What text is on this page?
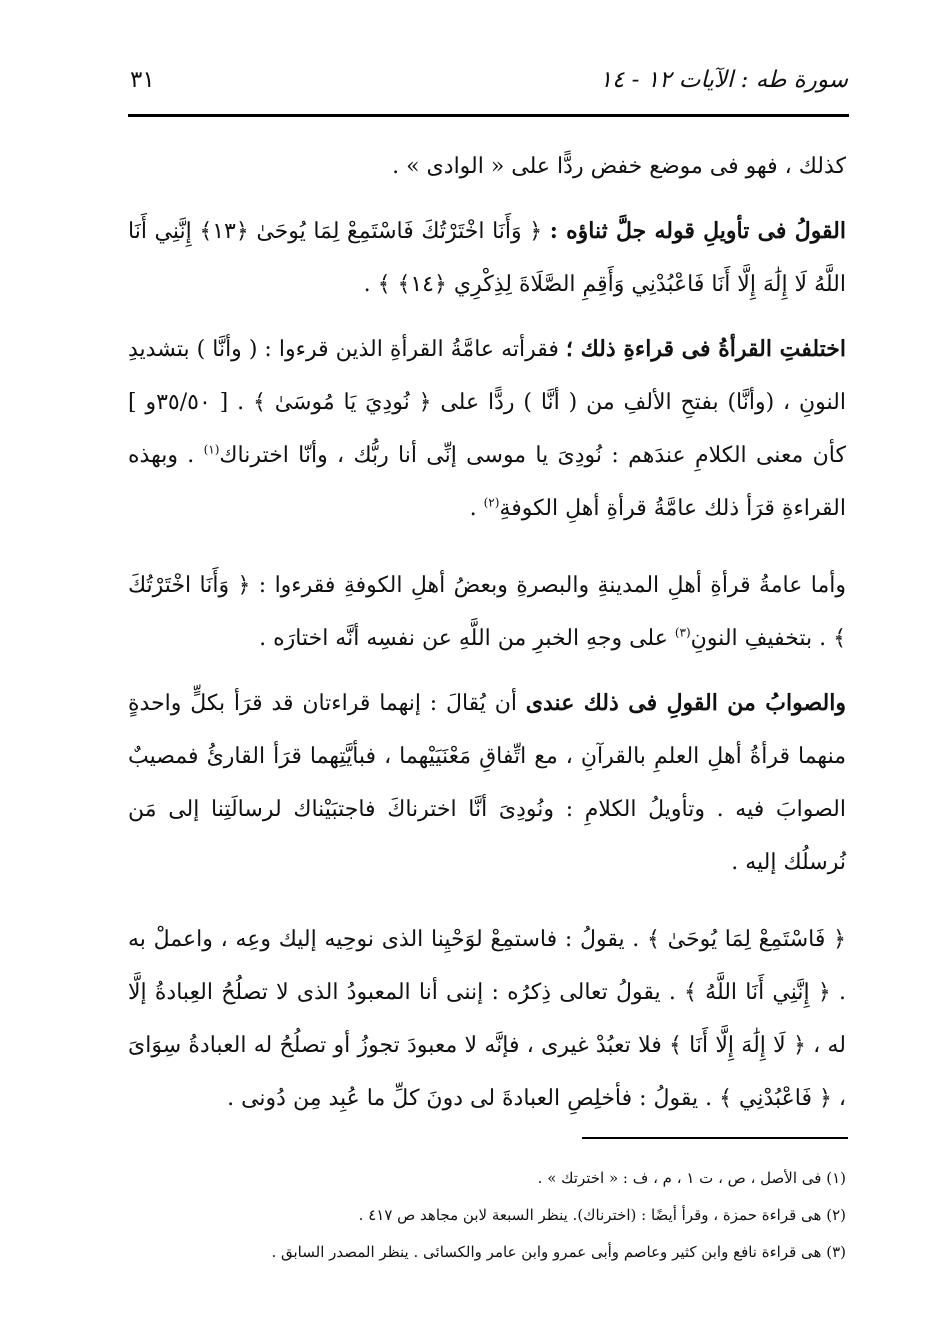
٣١	سورة طه : الآيات ١٢ - ١٤

كذلك ، فهو فى موضع خفض ردًّا على « الوادى » .

القولُ فى تأويلِ قوله جلَّ ثناؤه : ﴿ وَأَنَا اخْتَرْتُكَ فَاسْتَمِعْ لِمَا يُوحَىٰ ﴿١٣﴾ إِنَّنِي أَنَا اللَّهُ لَا إِلَٰهَ إِلَّا أَنَا فَاعْبُدْنِي وَأَقِمِ الصَّلَاةَ لِذِكْرِي ﴿١٤﴾ ﴾ .

اختلفتِ القرأةُ فى قراءةِ ذلك ؛ فقرأته عامَّةُ القرأةِ الذين قرءوا : ( وأنَّا ) بتشديدِ النونِ ، (وأنَّا) بفتحِ الألفِ من ( أنَّا ) ردًّا على ﴿ نُودِيَ يَا مُوسَىٰ ﴾ . [ ٣٥/٥٠و ] كأن معنى الكلامِ عندَهم : نُودِىَ يا موسى إنِّى أنا ربُّك ، وأنّا اخترناك$^{(١)}$ . وبهذه القراءةِ قرَأ ذلك عامَّةُ قرأةِ أهلِ الكوفةِ$^{(٢)}$ .

وأما عامةُ قرأةِ أهلِ المدينةِ والبصرةِ وبعضُ أهلِ الكوفةِ فقرءوا : ﴿ وَأَنَا اخْتَرْتُكَ ﴾ . بتخفيفِ النونِ$^{(٣)}$ على وجهِ الخبرِ من اللَّهِ عن نفسِه أنَّه اختارَه .

والصوابُ من القولِ فى ذلك عندى أن يُقالَ : إنهما قراءتان قد قرَأ بكلٍّ واحدةٍ منهما قرأةُ أهلِ العلمِ بالقرآنِ ، مع اتِّفاقِ مَعْنَيَيْهما ، فبأيَّتِهما قرَأ القارئُ فمصيبٌ الصوابَ فيه . وتأويلُ الكلامِ : ونُودِىَ أنَّا اخترناكَ فاجتبَيْناك لرسالَتِنا إلى مَن نُرسلُك إليه .

﴿ فَاسْتَمِعْ لِمَا يُوحَىٰ ﴾ . يقولُ : فاستمِعْ لوَحْيِنا الذى نوحِيه إليك وعِه ، واعملْ به . ﴿ إِنَّنِي أَنَا اللَّهُ ﴾ . يقولُ تعالى ذِكرُه : إننى أنا المعبودُ الذى لا تصلُحُ العِبادةُ إلَّا له ، ﴿ لَا إِلَٰهَ إِلَّا أَنَا ﴾ فلا تعبُدْ غيرى ، فإنَّه لا معبودَ تجوزُ أو تصلُحُ له العبادةُ سِوَاىَ ، ﴿ فَاعْبُدْنِي ﴾ . يقولُ : فأخلِصِ العبادةَ لى دونَ كلِّ ما عُبِد مِن دُونى .

(١) فى الأصل ، ص ، ت ١ ، م ، ف : « اخترتك » .

(٢) هى قراءة حمزة ، وقرأ أيضًا : (اخترناك). ينظر السبعة لابن مجاهد ص ٤١٧ .

(٣) هى قراءة نافع وابن كثير وعاصم وأبى عمرو وابن عامر والكسائى . ينظر المصدر السابق .
